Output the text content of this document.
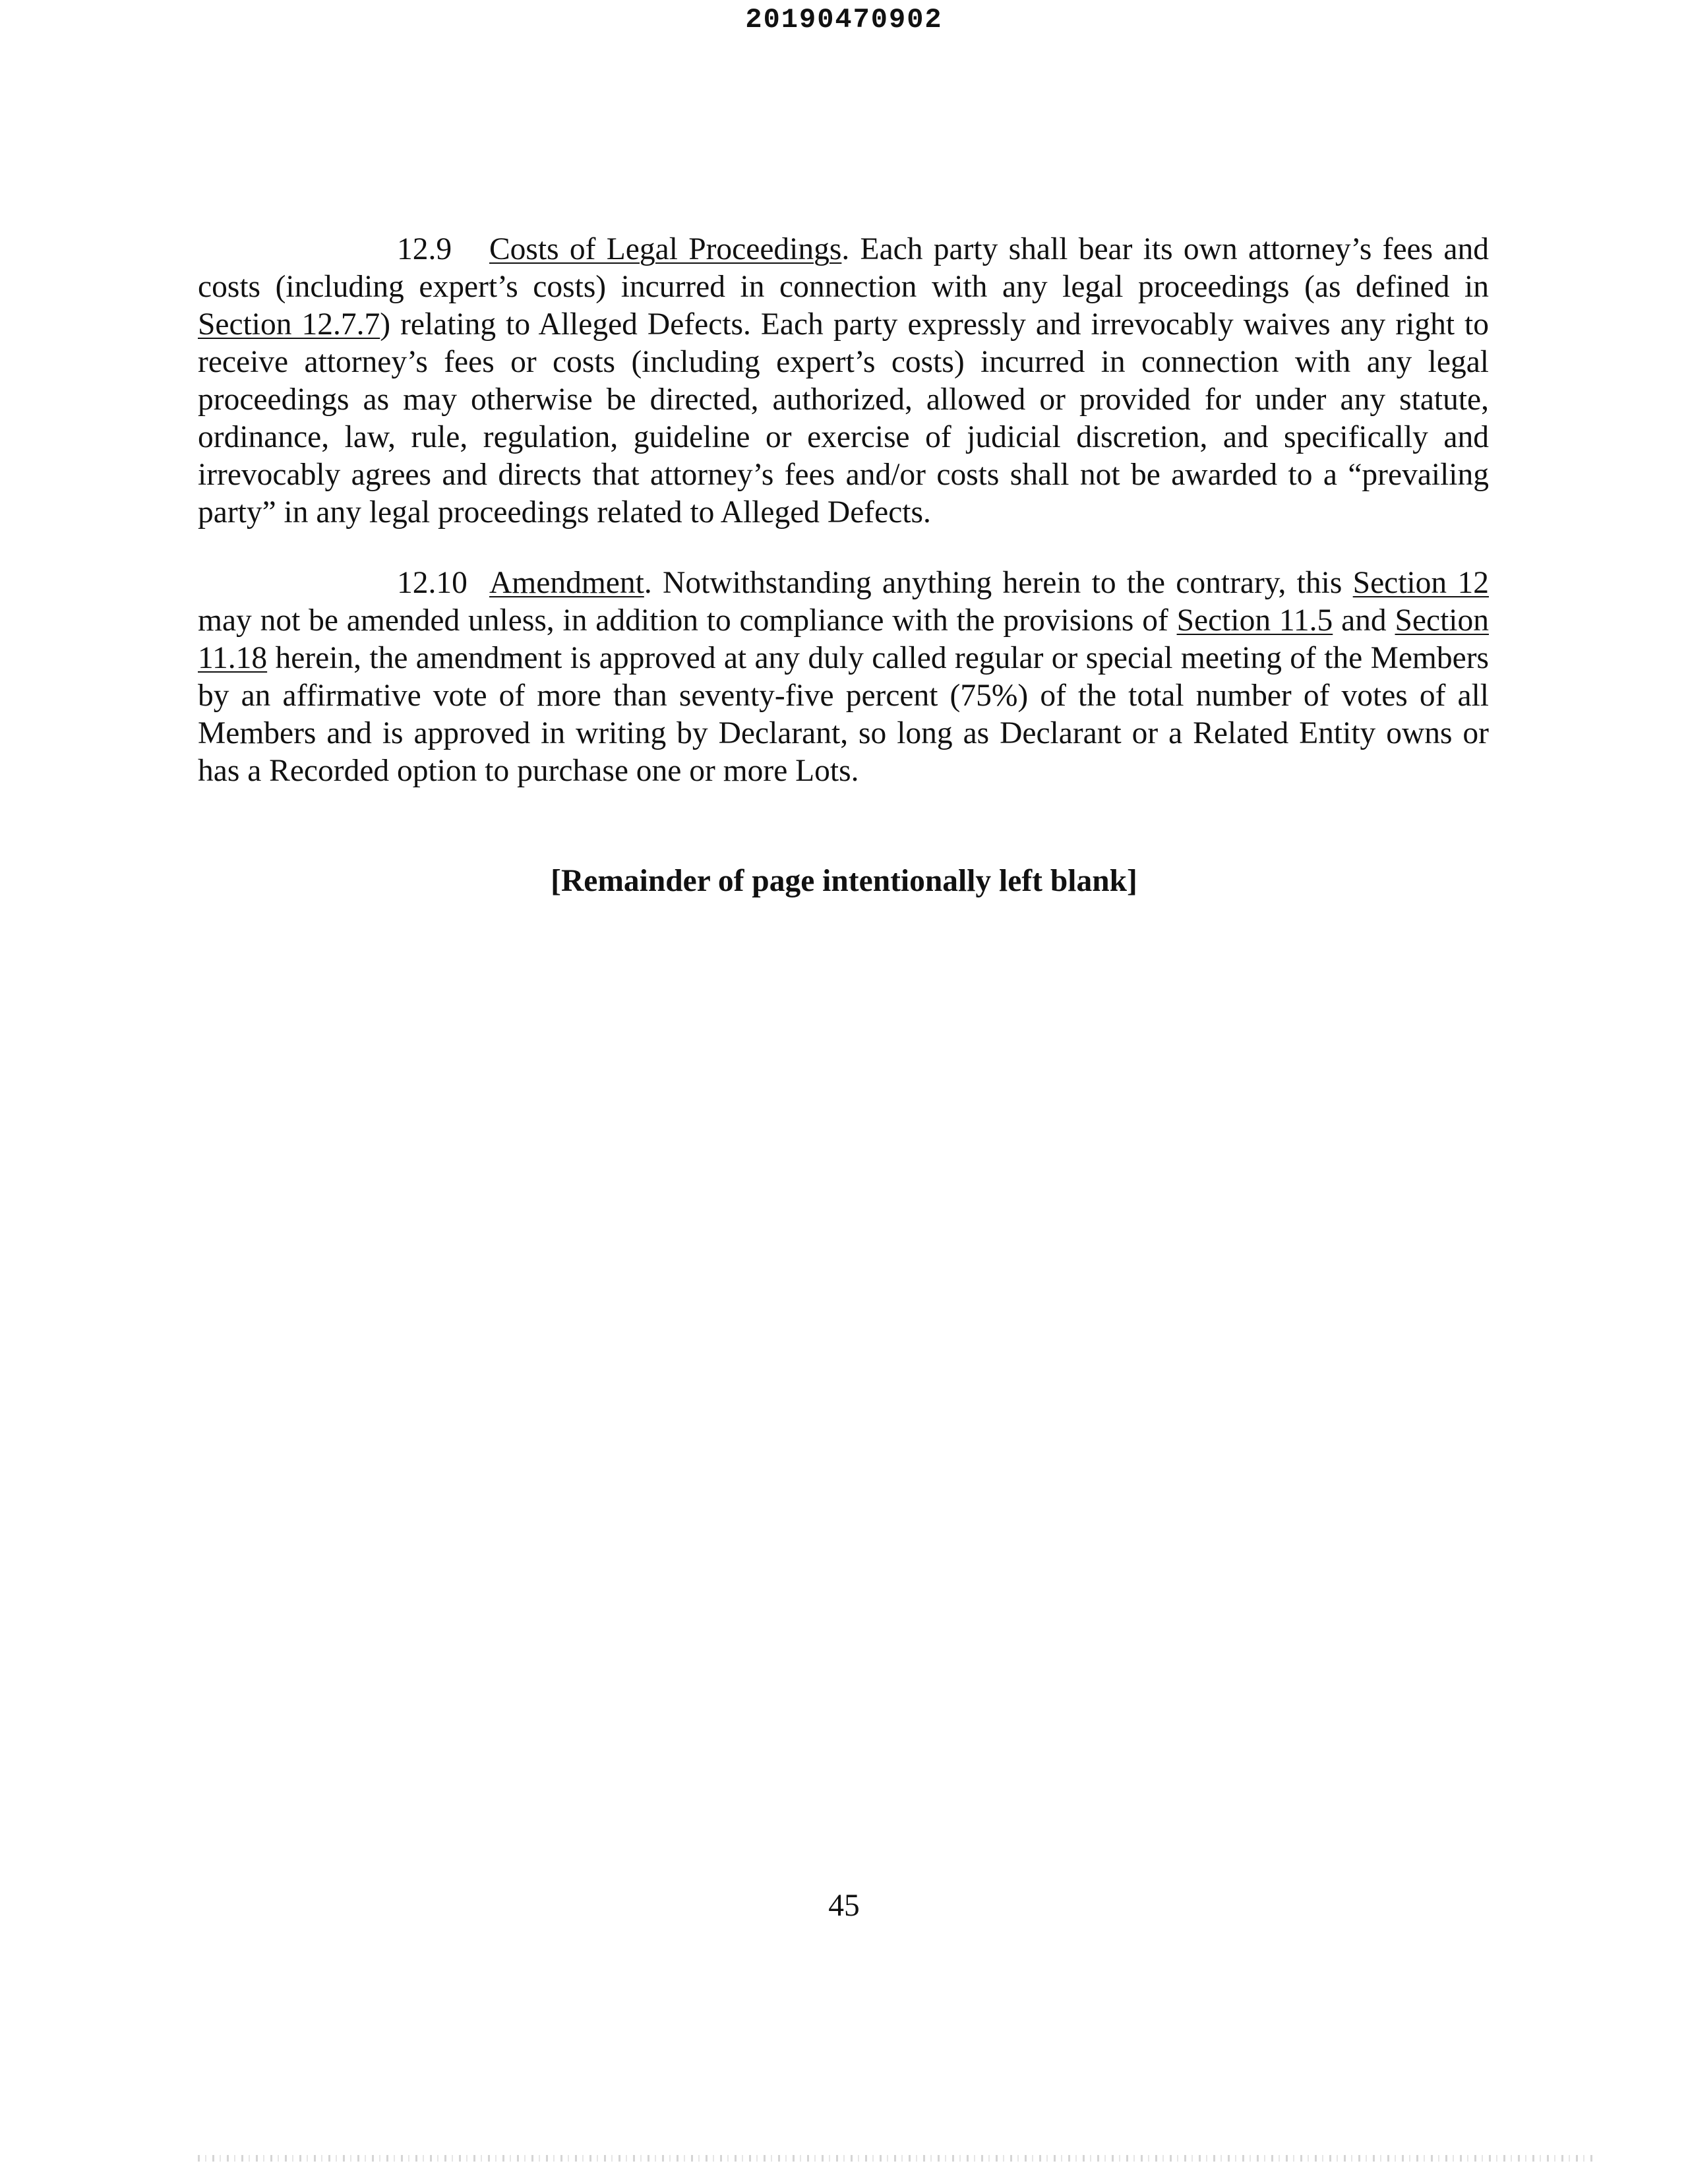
20190470902

12.9 Costs of Legal Proceedings. Each party shall bear its own attorney’s fees and costs (including expert’s costs) incurred in connection with any legal proceedings (as defined in Section 12.7.7) relating to Alleged Defects. Each party expressly and irrevocably waives any right to receive attorney’s fees or costs (including expert’s costs) incurred in connection with any legal proceedings as may otherwise be directed, authorized, allowed or provided for under any statute, ordinance, law, rule, regulation, guideline or exercise of judicial discretion, and specifically and irrevocably agrees and directs that attorney’s fees and/or costs shall not be awarded to a “prevailing party” in any legal proceedings related to Alleged Defects.

12.10 Amendment. Notwithstanding anything herein to the contrary, this Section 12 may not be amended unless, in addition to compliance with the provisions of Section 11.5 and Section 11.18 herein, the amendment is approved at any duly called regular or special meeting of the Members by an affirmative vote of more than seventy-five percent (75%) of the total number of votes of all Members and is approved in writing by Declarant, so long as Declarant or a Related Entity owns or has a Recorded option to purchase one or more Lots.

[Remainder of page intentionally left blank]
45
